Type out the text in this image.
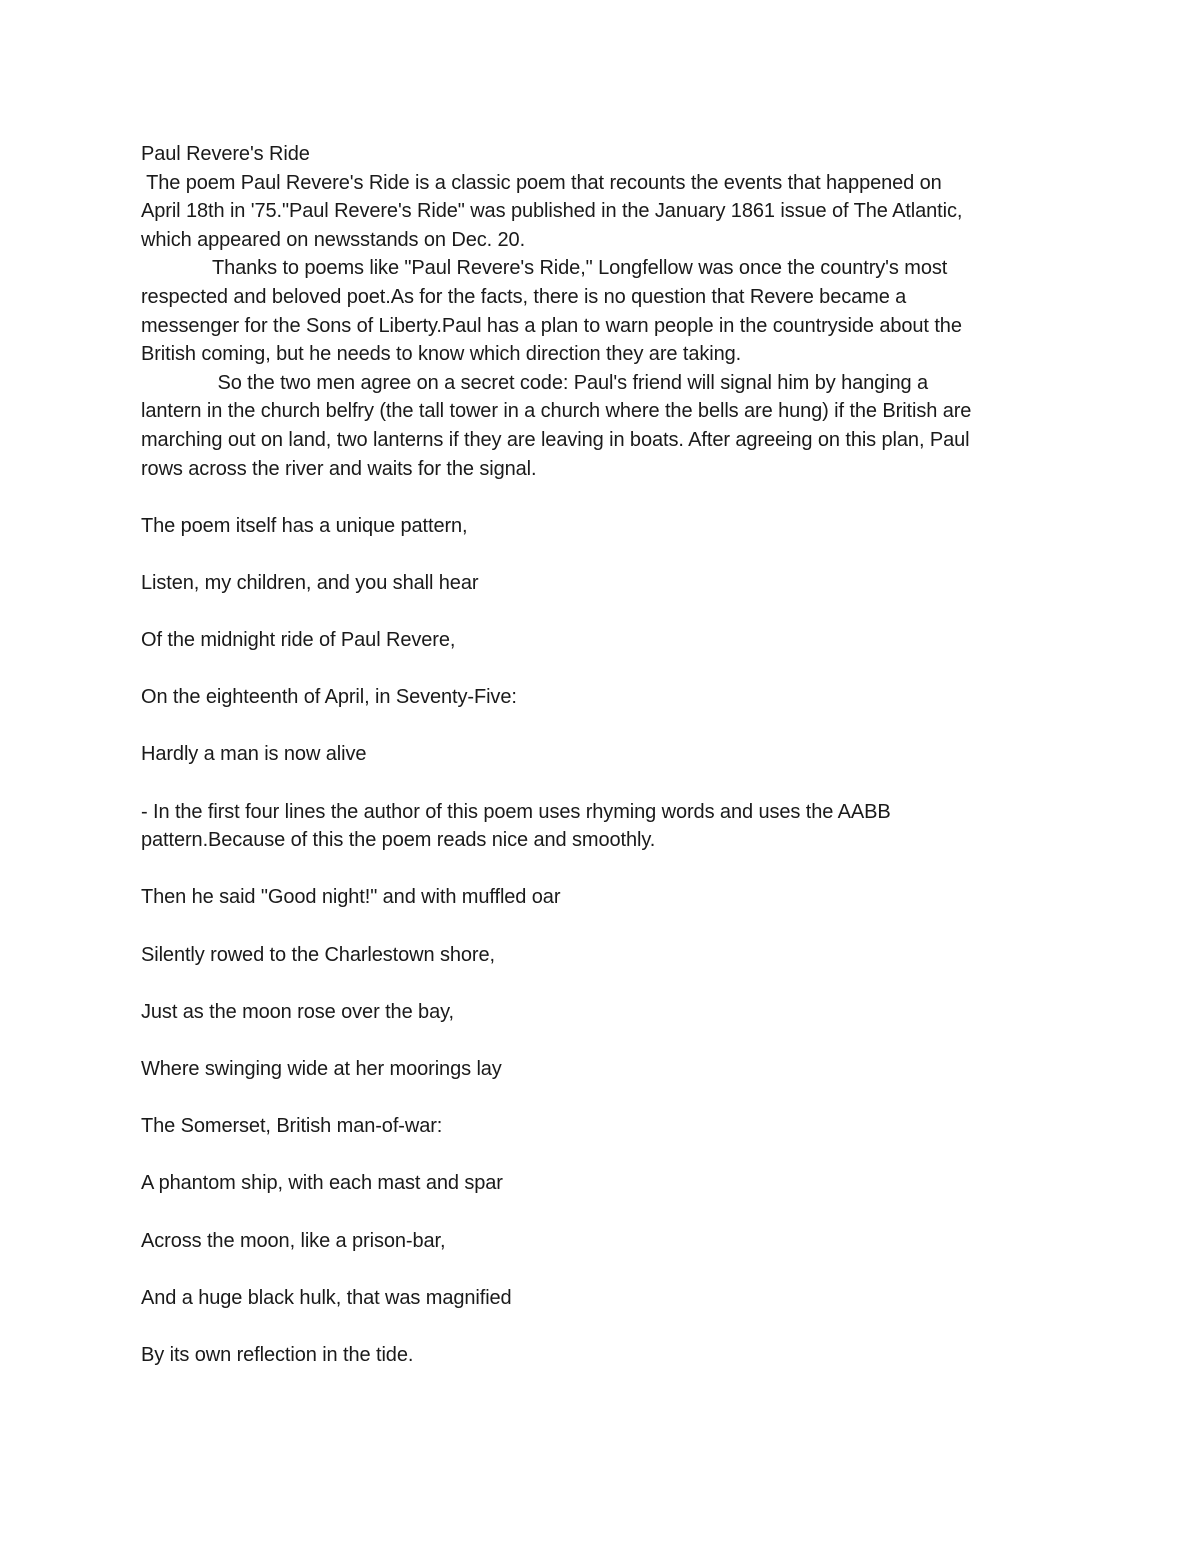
Paul Revere's Ride
The poem Paul Revere's Ride is a classic poem that recounts the events that happened on
April 18th in '75."Paul Revere's Ride" was published in the January 1861 issue of The Atlantic,
which appeared on newsstands on Dec. 20.
Thanks to poems like "Paul Revere's Ride," Longfellow was once the country's most
respected and beloved poet.As for the facts, there is no question that Revere became a
messenger for the Sons of Liberty.Paul has a plan to warn people in the countryside about the
British coming, but he needs to know which direction they are taking.
So the two men agree on a secret code: Paul's friend will signal him by hanging a
lantern in the church belfry (the tall tower in a church where the bells are hung) if the British are
marching out on land, two lanterns if they are leaving in boats. After agreeing on this plan, Paul
rows across the river and waits for the signal.
The poem itself has a unique pattern,
Listen, my children, and you shall hear
Of the midnight ride of Paul Revere,
On the eighteenth of April, in Seventy-Five:
Hardly a man is now alive
- In the first four lines the author of this poem uses rhyming words and uses the AABB
pattern.Because of this the poem reads nice and smoothly.
Then he said "Good night!" and with muffled oar
Silently rowed to the Charlestown shore,
Just as the moon rose over the bay,
Where swinging wide at her moorings lay
The Somerset, British man-of-war:
A phantom ship, with each mast and spar
Across the moon, like a prison-bar,
And a huge black hulk, that was magnified
By its own reflection in the tide.
